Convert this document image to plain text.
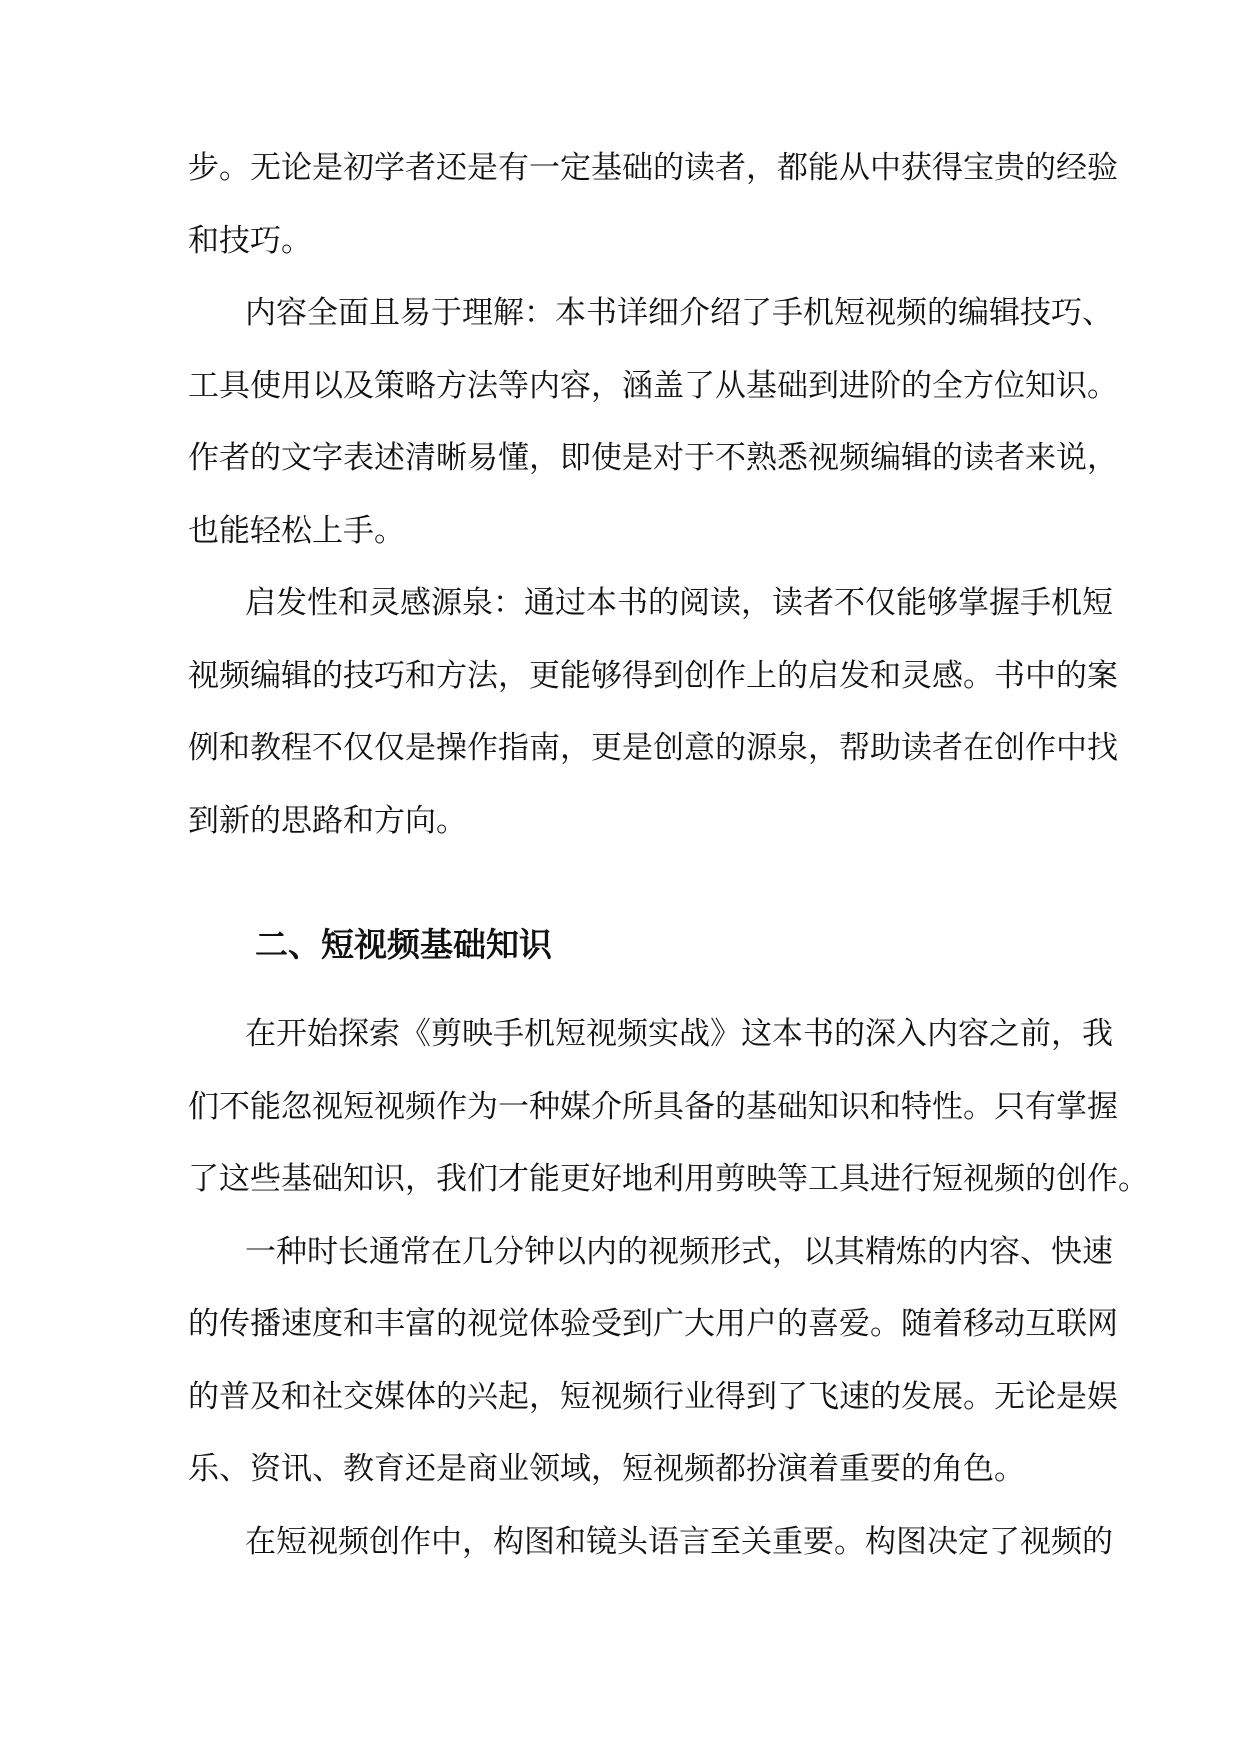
步。无论是初学者还是有一定基础的读者，都能从中获得宝贵的经验
和技巧。
内容全面且易于理解：本书详细介绍了手机短视频的编辑技巧、
工具使用以及策略方法等内容，涵盖了从基础到进阶的全方位知识。
作者的文字表述清晰易懂，即使是对于不熟悉视频编辑的读者来说，
也能轻松上手。
启发性和灵感源泉：通过本书的阅读，读者不仅能够掌握手机短
视频编辑的技巧和方法，更能够得到创作上的启发和灵感。书中的案
例和教程不仅仅是操作指南，更是创意的源泉，帮助读者在创作中找
到新的思路和方向。
二、短视频基础知识
在开始探索《剪映手机短视频实战》这本书的深入内容之前，我
们不能忽视短视频作为一种媒介所具备的基础知识和特性。只有掌握
了这些基础知识，我们才能更好地利用剪映等工具进行短视频的创作。
一种时长通常在几分钟以内的视频形式，以其精炼的内容、快速
的传播速度和丰富的视觉体验受到广大用户的喜爱。随着移动互联网
的普及和社交媒体的兴起，短视频行业得到了飞速的发展。无论是娱
乐、资讯、教育还是商业领域，短视频都扮演着重要的角色。
在短视频创作中，构图和镜头语言至关重要。构图决定了视频的
